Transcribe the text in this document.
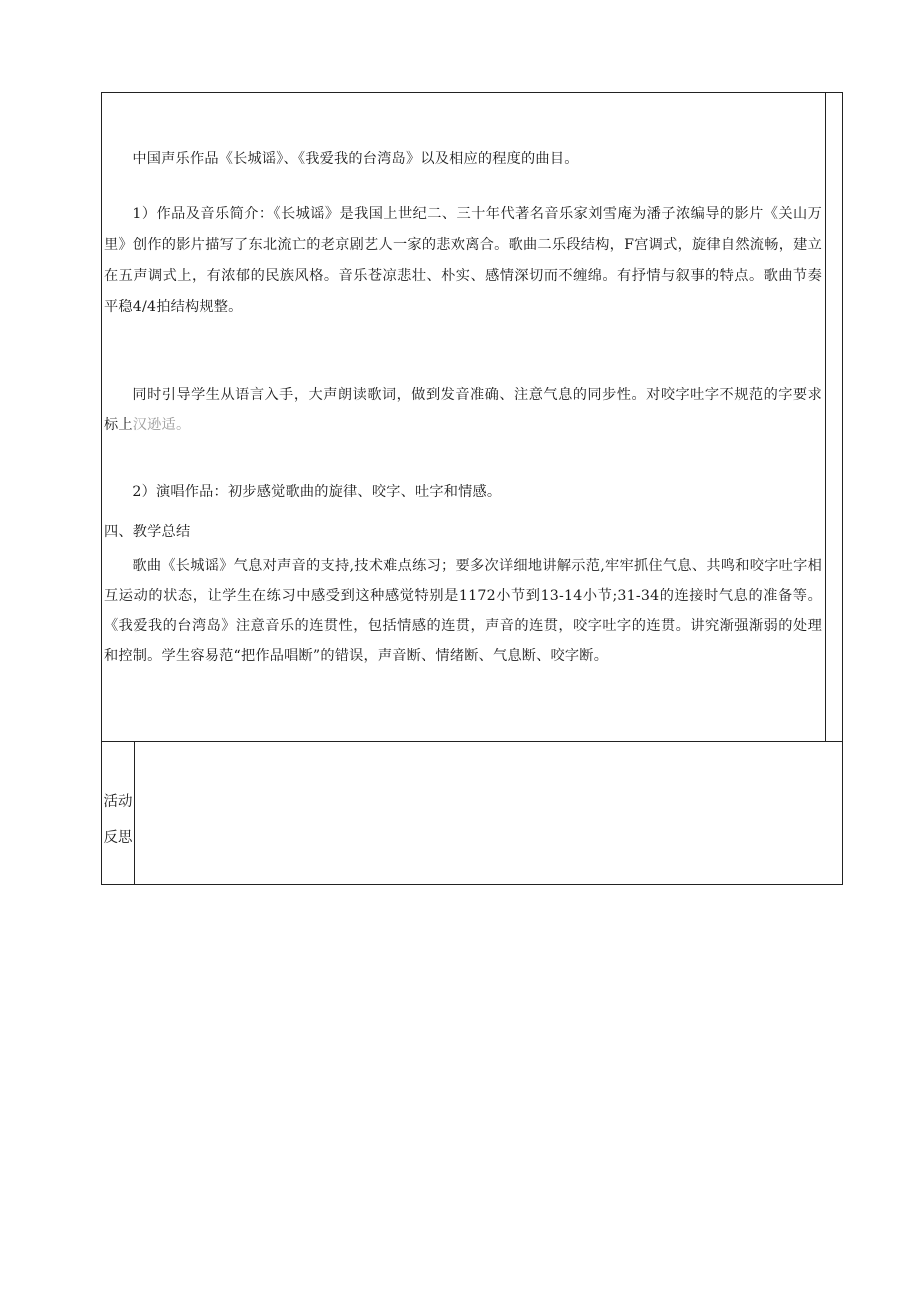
中国声乐作品《长城谣》、《我爱我的台湾岛》以及相应的程度的曲目。

1）作品及音乐简介：《长城谣》是我国上世纪二、三十年代著名音乐家刘雪庵为潘子浓编导的影片《关山万里》创作的影片描写了东北流亡的老京剧艺人一家的悲欢离合。歌曲二乐段结构，F宫调式，旋律自然流畅，建立在五声调式上，有浓郁的民族风格。音乐苍凉悲壮、朴实、感情深切而不缠绵。有抒情与叙事的特点。歌曲节奏平稳4/4拍结构规整。

同时引导学生从语言入手，大声朗读歌词，做到发音准确、注意气息的同步性。对咬字吐字不规范的字要求标上汉逊适。

2）演唱作品：初步感觉歌曲的旋律、咬字、吐字和情感。

四、教学总结

歌曲《长城谣》气息对声音的支持,技术难点练习；要多次详细地讲解示范,牢牢抓住气息、共鸣和咬字吐字相互运动的状态，让学生在练习中感受到这种感觉特别是1172小节到13-14小节;31-34的连接时气息的准备等。《我爱我的台湾岛》注意音乐的连贯性，包括情感的连贯，声音的连贯，咬字吐字的连贯。讲究渐强渐弱的处理和控制。学生容易范“把作品唱断”的错误，声音断、情绪断、气息断、咬字断。

活动
反思
